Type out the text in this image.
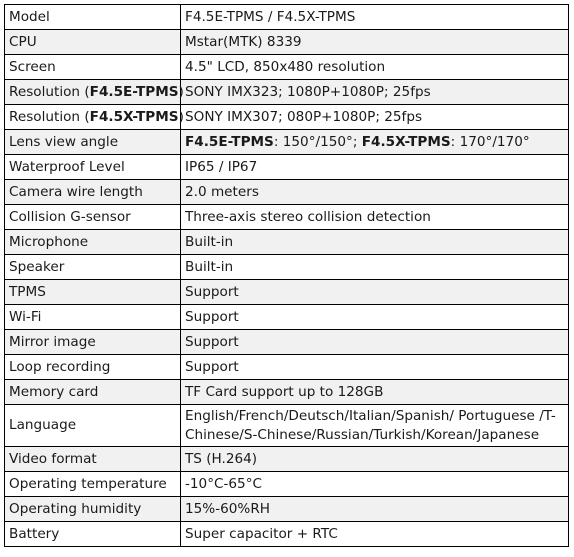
Model	F4.5E-TPMS / F4.5X-TPMS
CPU	Mstar(MTK) 8339
Screen	4.5" LCD, 850x480 resolution
Resolution (F4.5E-TPMS)	SONY IMX323; 1080P+1080P; 25fps
Resolution (F4.5X-TPMS)	SONY IMX307; 080P+1080P; 25fps
Lens view angle	F4.5E-TPMS: 150°/150°; F4.5X-TPMS: 170°/170°
Waterproof Level	IP65 / IP67
Camera wire length	2.0 meters
Collision G-sensor	Three-axis stereo collision detection
Microphone	Built-in
Speaker	Built-in
TPMS	Support
Wi-Fi	Support
Mirror image	Support
Loop recording	Support
Memory card	TF Card support up to 128GB
Language	English/French/Deutsch/Italian/Spanish/ Portuguese /T-Chinese/S-Chinese/Russian/Turkish/Korean/Japanese
Video format	TS (H.264)
Operating temperature	-10°C-65°C
Operating humidity	15%-60%RH
Battery	Super capacitor + RTC
